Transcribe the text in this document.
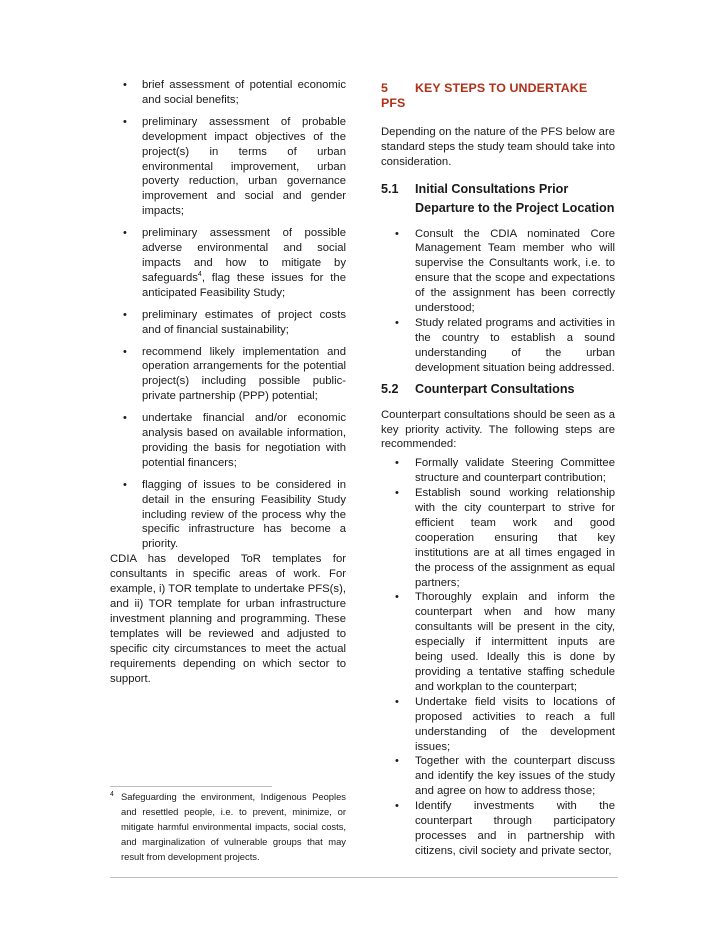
• brief assessment of potential economic and social benefits;
• preliminary assessment of probable development impact objectives of the project(s) in terms of urban environmental improvement, urban poverty reduction, urban governance improvement and social and gender impacts;
• preliminary assessment of possible adverse environmental and social impacts and how to mitigate by safeguards$^4$, flag these issues for the anticipated Feasibility Study;
• preliminary estimates of project costs and of financial sustainability;
• recommend likely implementation and operation arrangements for the potential project(s) including possible public-private partnership (PPP) potential;
• undertake financial and/or economic analysis based on available information, providing the basis for negotiation with potential financers;
• flagging of issues to be considered in detail in the ensuring Feasibility Study including review of the process why the specific infrastructure has become a priority.

CDIA has developed ToR templates for consultants in specific areas of work. For example, i) TOR template to undertake PFS(s), and ii) TOR template for urban infrastructure investment planning and programming. These templates will be reviewed and adjusted to specific city circumstances to meet the actual requirements depending on which sector to support.

4 Safeguarding the environment, Indigenous Peoples and resettled people, i.e. to prevent, minimize, or mitigate harmful environmental impacts, social costs, and marginalization of vulnerable groups that may result from development projects.

5 KEY STEPS TO UNDERTAKE PFS

Depending on the nature of the PFS below are standard steps the study team should take into consideration.

5.1 Initial Consultations Prior Departure to the Project Location
• Consult the CDIA nominated Core Management Team member who will supervise the Consultants work, i.e. to ensure that the scope and expectations of the assignment has been correctly understood;
• Study related programs and activities in the country to establish a sound understanding of the urban development situation being addressed.
5.2 Counterpart Consultations

Counterpart consultations should be seen as a key priority activity. The following steps are recommended:

• Formally validate Steering Committee structure and counterpart contribution;
• Establish sound working relationship with the city counterpart to strive for efficient team work and good cooperation ensuring that key institutions are at all times engaged in the process of the assignment as equal partners;
• Thoroughly explain and inform the counterpart when and how many consultants will be present in the city, especially if intermittent inputs are being used. Ideally this is done by providing a tentative staffing schedule and workplan to the counterpart;
• Undertake field visits to locations of proposed activities to reach a full understanding of the development issues;
• Together with the counterpart discuss and identify the key issues of the study and agree on how to address those;
• Identify investments with the counterpart through participatory processes and in partnership with citizens, civil society and private sector,
